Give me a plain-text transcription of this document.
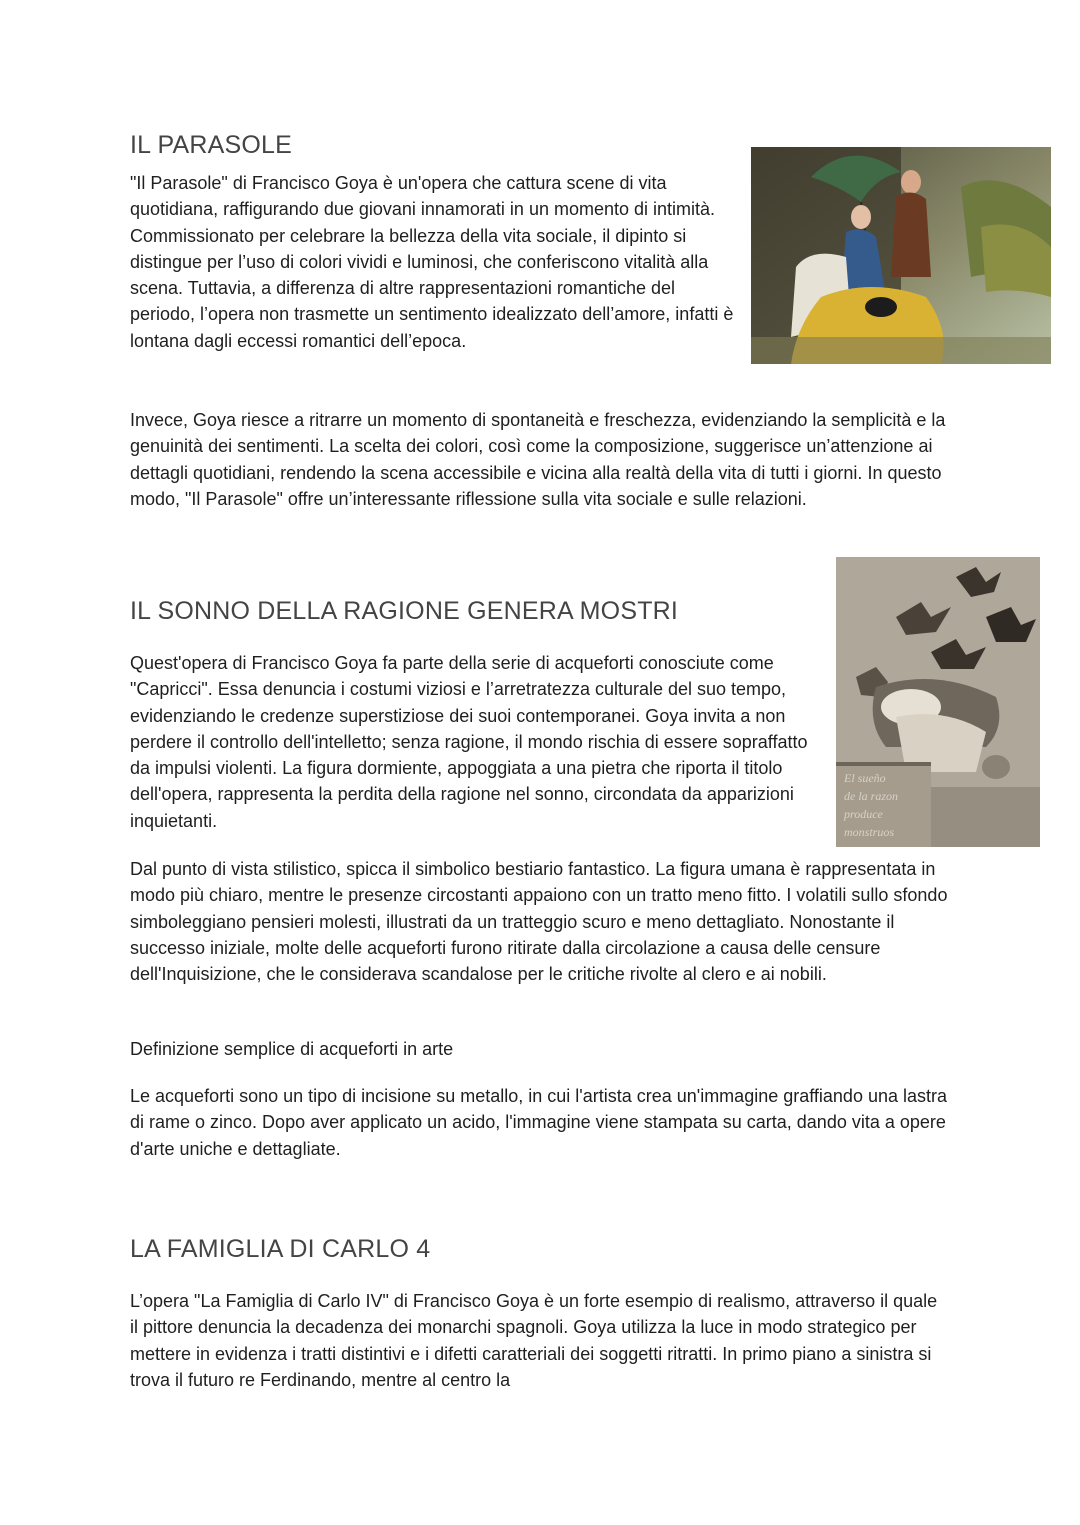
IL PARASOLE

"Il Parasole" di Francisco Goya è un'opera che cattura scene di vita quotidiana, raffigurando due giovani innamorati in un momento di intimità. Commissionato per celebrare la bellezza della vita sociale, il dipinto si distingue per l’uso di colori vividi e luminosi, che conferiscono vitalità alla scena. Tuttavia, a differenza di altre rappresentazioni romantiche del periodo, l’opera non trasmette un sentimento idealizzato dell’amore, infatti è lontana dagli eccessi romantici dell’epoca.

Invece, Goya riesce a ritrarre un momento di spontaneità e freschezza, evidenziando la semplicità e la genuinità dei sentimenti. La scelta dei colori, così come la composizione, suggerisce un’attenzione ai dettagli quotidiani, rendendo la scena accessibile e vicina alla realtà della vita di tutti i giorni. In questo modo, "Il Parasole" offre un’interessante riflessione sulla vita sociale e sulle relazioni.

El sueño
de la razon
produce
monstruos
IL SONNO DELLA RAGIONE GENERA MOSTRI

Quest'opera di Francisco Goya fa parte della serie di acqueforti conosciute come "Capricci". Essa denuncia i costumi viziosi e l’arretratezza culturale del suo tempo, evidenziando le credenze superstiziose dei suoi contemporanei. Goya invita a non perdere il controllo dell'intelletto; senza ragione, il mondo rischia di essere sopraffatto da impulsi violenti. La figura dormiente, appoggiata a una pietra che riporta il titolo dell'opera, rappresenta la perdita della ragione nel sonno, circondata da apparizioni inquietanti.

Dal punto di vista stilistico, spicca il simbolico bestiario fantastico. La figura umana è rappresentata in modo più chiaro, mentre le presenze circostanti appaiono con un tratto meno fitto. I volatili sullo sfondo simboleggiano pensieri molesti, illustrati da un tratteggio scuro e meno dettagliato. Nonostante il successo iniziale, molte delle acqueforti furono ritirate dalla circolazione a causa delle censure dell'Inquisizione, che le considerava scandalose per le critiche rivolte al clero e ai nobili.

Definizione semplice di acqueforti in arte

Le acqueforti sono un tipo di incisione su metallo, in cui l'artista crea un'immagine graffiando una lastra di rame o zinco. Dopo aver applicato un acido, l'immagine viene stampata su carta, dando vita a opere d'arte uniche e dettagliate.

LA FAMIGLIA DI CARLO 4

L’opera "La Famiglia di Carlo IV" di Francisco Goya è un forte esempio di realismo, attraverso il quale il pittore denuncia la decadenza dei monarchi spagnoli. Goya utilizza la luce in modo strategico per mettere in evidenza i tratti distintivi e i difetti caratteriali dei soggetti ritratti. In primo piano a sinistra si trova il futuro re Ferdinando, mentre al centro la
